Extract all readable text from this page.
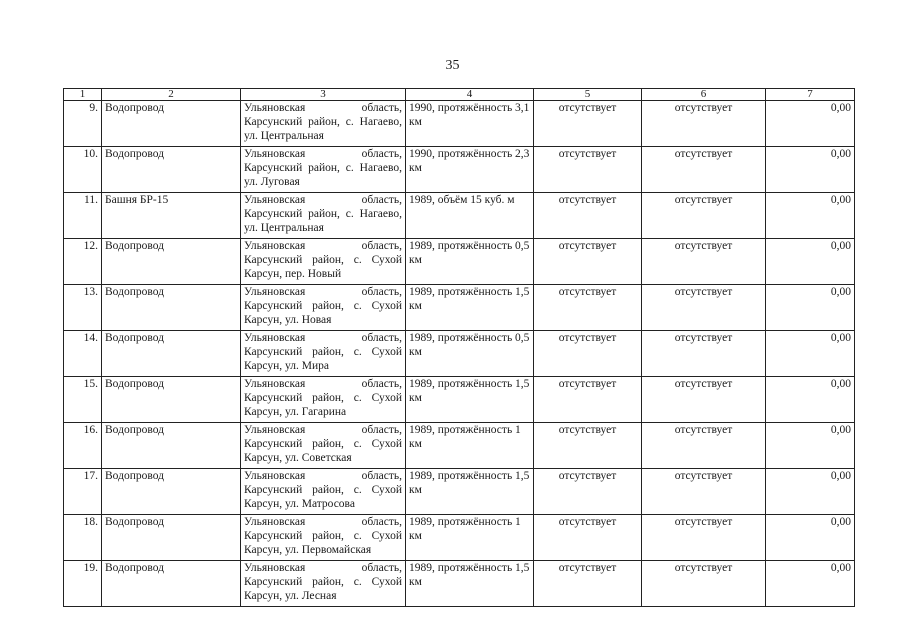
35
1	2	3	4	5	6	7
9.	Водопровод	Ульяновская область, Карсунский район, с. Нагаево, ул. Центральная	1990, протяжённость 3,1 км	отсутствует	отсутствует	0,00
10.	Водопровод	Ульяновская область, Карсунский район, с. Нагаево, ул. Луговая	1990, протяжённость 2,3 км	отсутствует	отсутствует	0,00
11.	Башня БР-15	Ульяновская область, Карсунский район, с. Нагаево, ул. Центральная	1989, объём 15 куб. м	отсутствует	отсутствует	0,00
12.	Водопровод	Ульяновская область, Карсунский район, с. Сухой Карсун, пер. Новый	1989, протяжённость 0,5 км	отсутствует	отсутствует	0,00
13.	Водопровод	Ульяновская область, Карсунский район, с. Сухой Карсун, ул. Новая	1989, протяжённость 1,5 км	отсутствует	отсутствует	0,00
14.	Водопровод	Ульяновская область, Карсунский район, с. Сухой Карсун, ул. Мира	1989, протяжённость 0,5 км	отсутствует	отсутствует	0,00
15.	Водопровод	Ульяновская область, Карсунский район, с. Сухой Карсун, ул. Гагарина	1989, протяжённость 1,5 км	отсутствует	отсутствует	0,00
16.	Водопровод	Ульяновская область, Карсунский район, с. Сухой Карсун, ул. Советская	1989, протяжённость 1 км	отсутствует	отсутствует	0,00
17.	Водопровод	Ульяновская область, Карсунский район, с. Сухой Карсун, ул. Матросова	1989, протяжённость 1,5 км	отсутствует	отсутствует	0,00
18.	Водопровод	Ульяновская область, Карсунский район, с. Сухой Карсун, ул. Первомайская	1989, протяжённость 1 км	отсутствует	отсутствует	0,00
19.	Водопровод	Ульяновская область, Карсунский район, с. Сухой Карсун, ул. Лесная	1989, протяжённость 1,5 км	отсутствует	отсутствует	0,00
